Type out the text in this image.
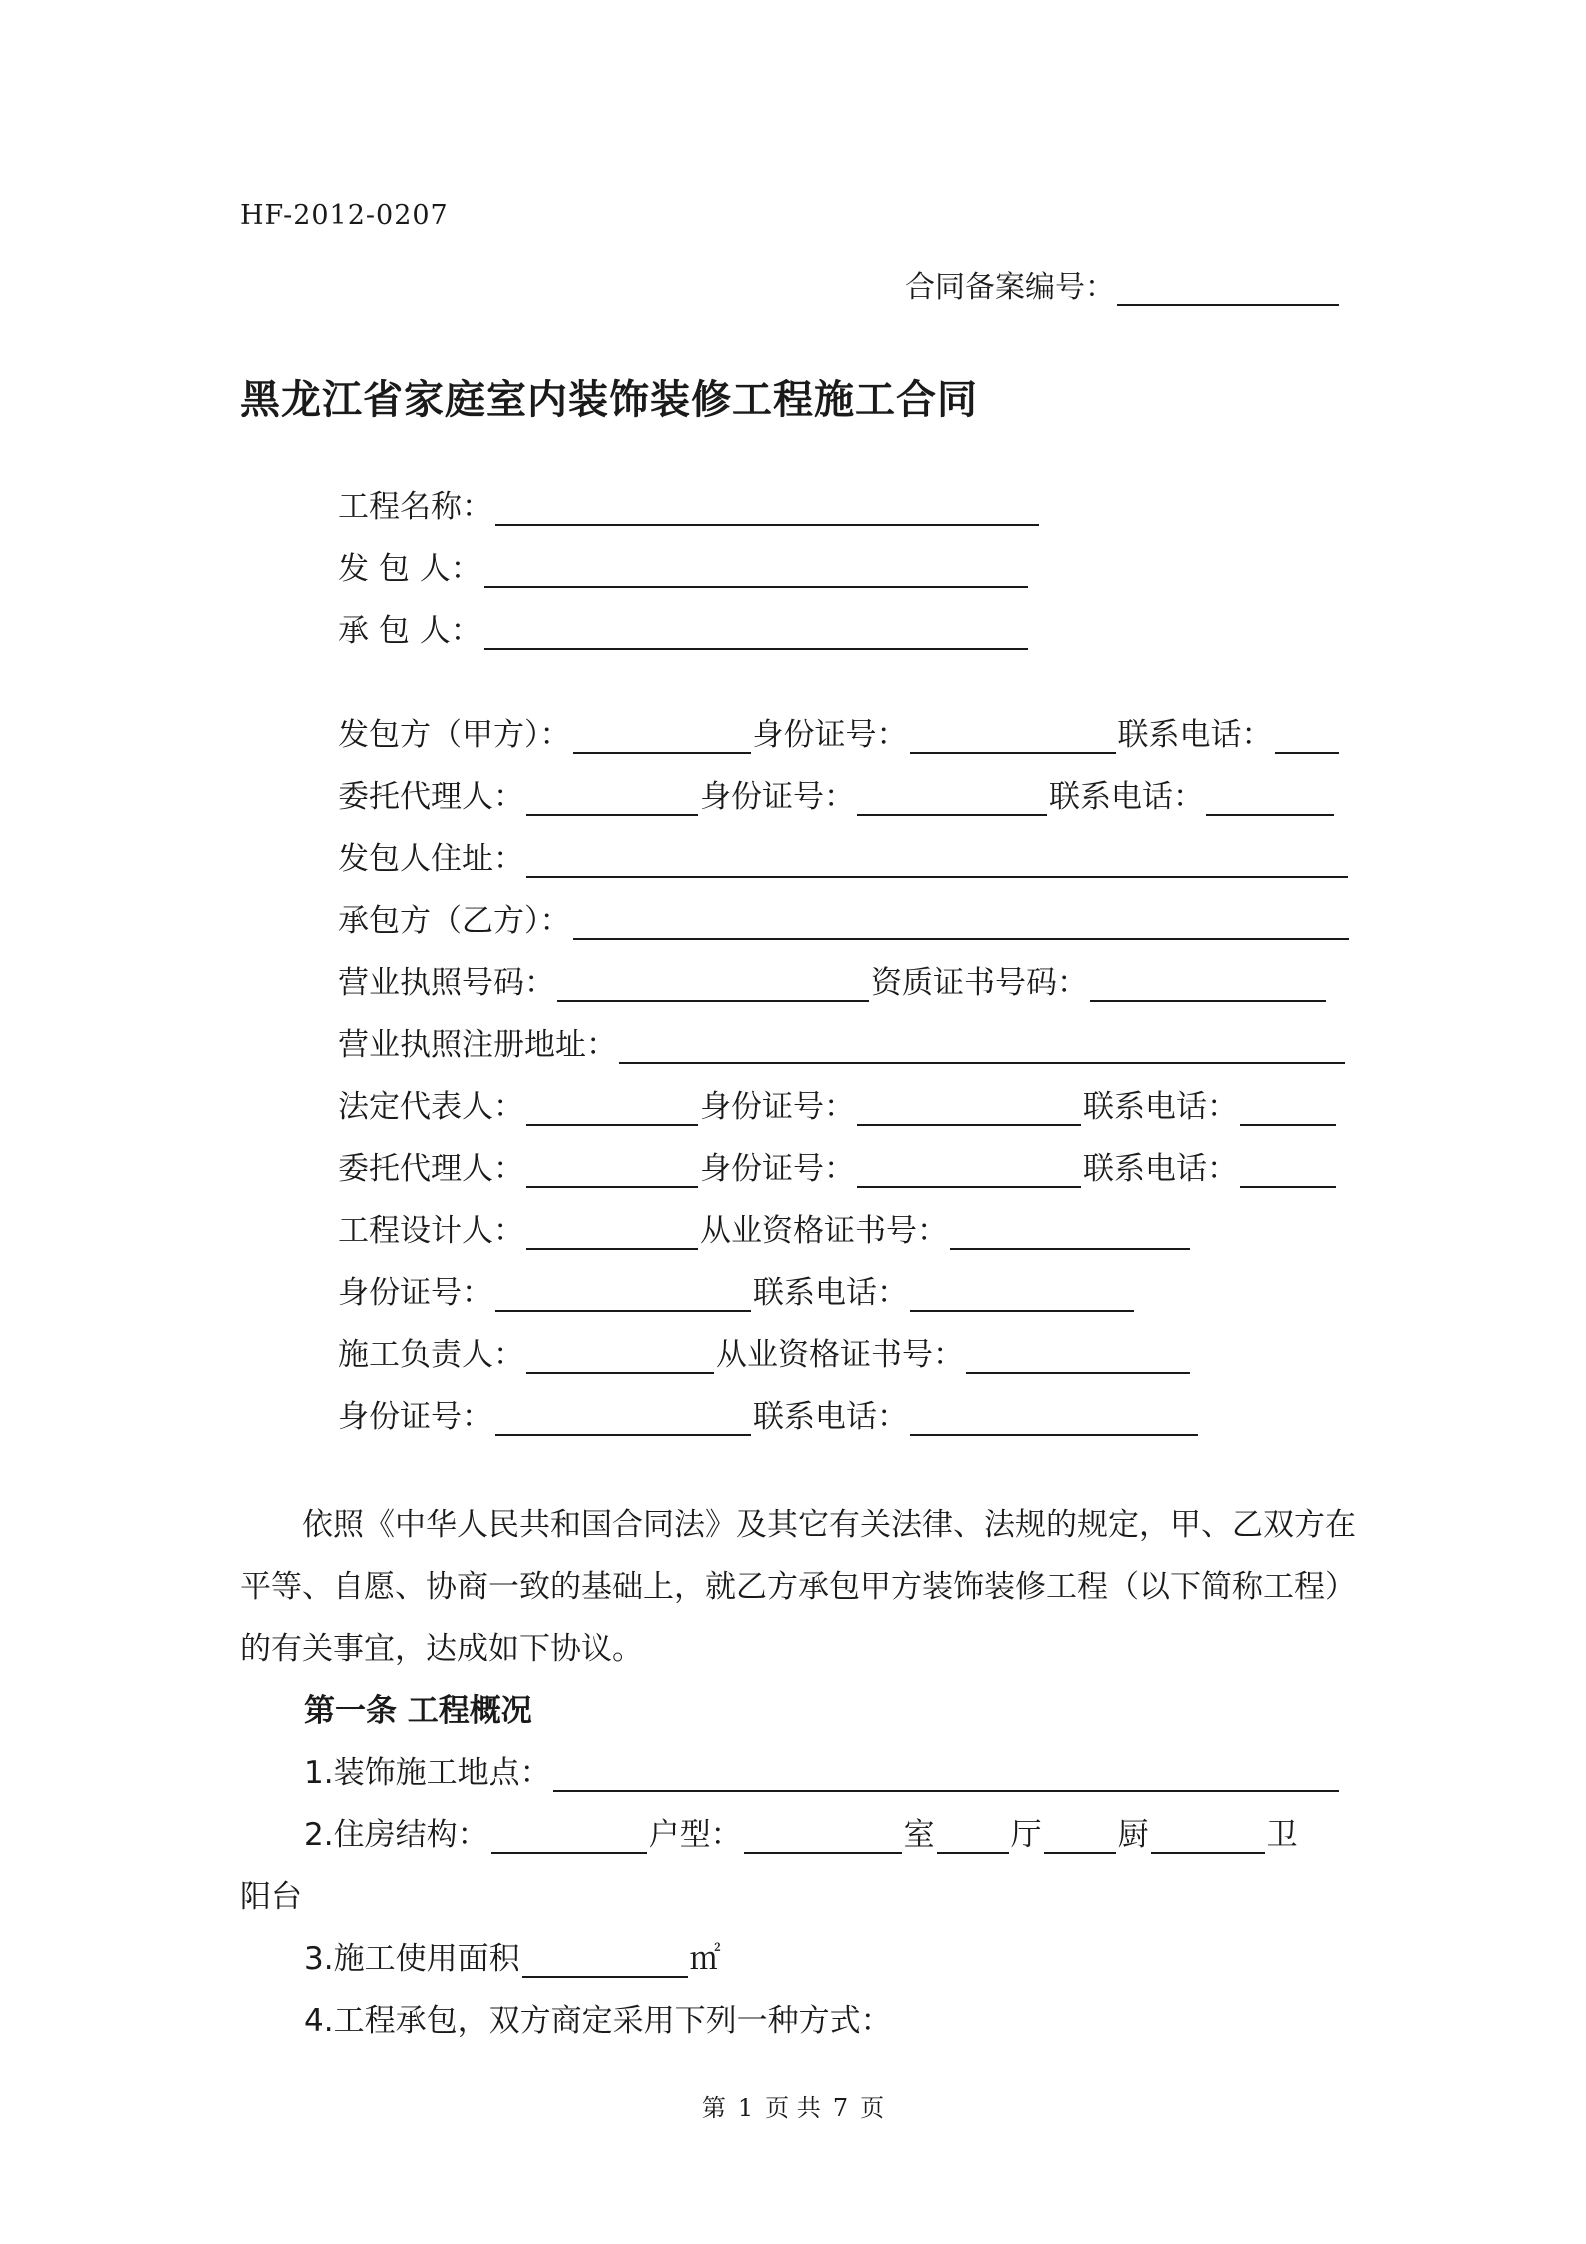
HF-2012-0207
合同备案编号：
黑龙江省家庭室内装饰装修工程施工合同
工程名称：
发 包 人：
承 包 人：
发包方（甲方）：	身份证号：	联系电话：
委托代理人：	身份证号：	联系电话：
发包人住址：
承包方（乙方）：
营业执照号码：	资质证书号码：
营业执照注册地址：
法定代表人：	身份证号：	联系电话：
委托代理人：	身份证号：	联系电话：
工程设计人：	从业资格证书号：
身份证号：	联系电话：
施工负责人：	从业资格证书号：
身份证号：	联系电话：
依照《中华人民共和国合同法》及其它有关法律、法规的规定，甲、乙双方在平等、自愿、协商一致的基础上，就乙方承包甲方装饰装修工程（以下简称工程）的有关事宜，达成如下协议。
第一条 工程概况
1.装饰施工地点：
2.住房结构：	户型：	室 厅 厨	卫
阳台
3.施工使用面积	㎡
4.工程承包，双方商定采用下列一种方式：
第 1 页 共 7 页
